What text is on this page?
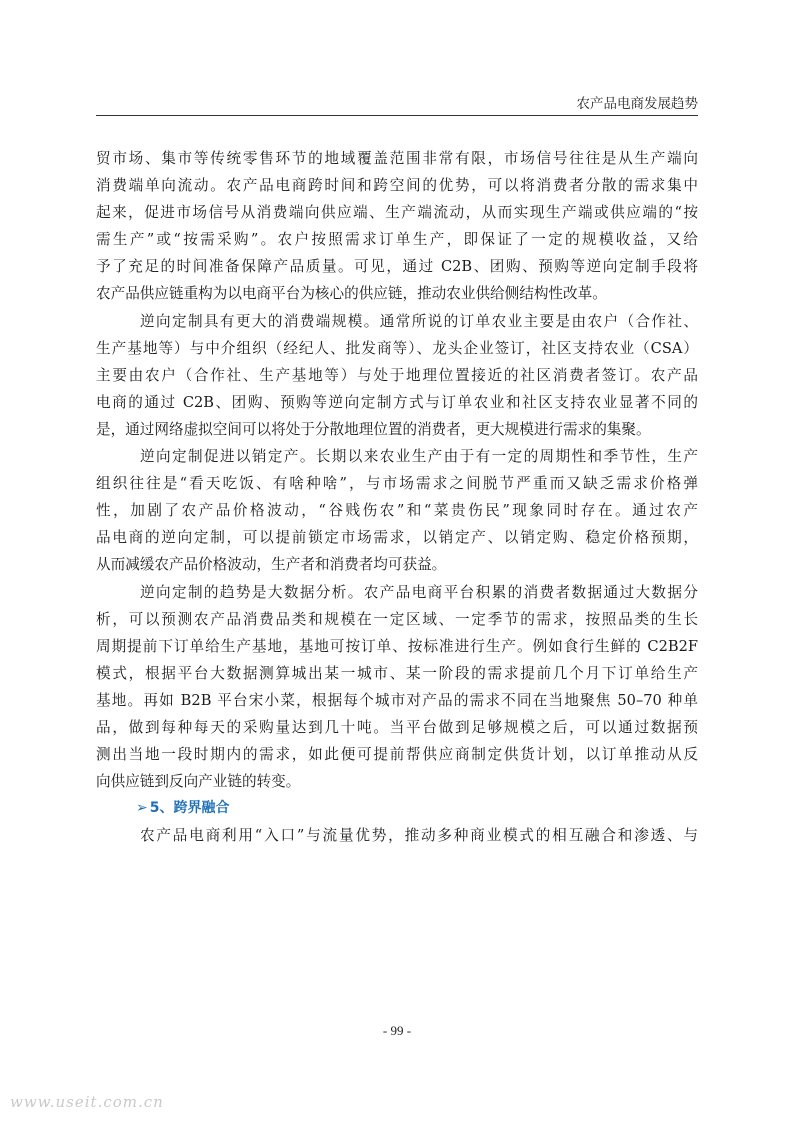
农产品电商发展趋势

贸市场、集市等传统零售环节的地域覆盖范围非常有限，市场信号往往是从生产端向
消费端单向流动。农产品电商跨时间和跨空间的优势，可以将消费者分散的需求集中
起来，促进市场信号从消费端向供应端、生产端流动，从而实现生产端或供应端的“按
需生产”或“按需采购”。农户按照需求订单生产，即保证了一定的规模收益，又给
予了充足的时间准备保障产品质量。可见，通过 C2B、团购、预购等逆向定制手段将
农产品供应链重构为以电商平台为核心的供应链，推动农业供给侧结构性改革。

逆向定制具有更大的消费端规模。通常所说的订单农业主要是由农户（合作社、
生产基地等）与中介组织（经纪人、批发商等）、龙头企业签订，社区支持农业（CSA）
主要由农户（合作社、生产基地等）与处于地理位置接近的社区消费者签订。农产品
电商的通过 C2B、团购、预购等逆向定制方式与订单农业和社区支持农业显著不同的
是，通过网络虚拟空间可以将处于分散地理位置的消费者，更大规模进行需求的集聚。

逆向定制促进以销定产。长期以来农业生产由于有一定的周期性和季节性，生产
组织往往是“看天吃饭、有啥种啥”，与市场需求之间脱节严重而又缺乏需求价格弹
性，加剧了农产品价格波动，“谷贱伤农”和“菜贵伤民”现象同时存在。通过农产
品电商的逆向定制，可以提前锁定市场需求，以销定产、以销定购、稳定价格预期，
从而减缓农产品价格波动，生产者和消费者均可获益。

逆向定制的趋势是大数据分析。农产品电商平台积累的消费者数据通过大数据分
析，可以预测农产品消费品类和规模在一定区域、一定季节的需求，按照品类的生长
周期提前下订单给生产基地，基地可按订单、按标准进行生产。例如食行生鲜的 C2B2F
模式，根据平台大数据测算城出某一城市、某一阶段的需求提前几个月下订单给生产
基地。再如 B2B 平台宋小菜，根据每个城市对产品的需求不同在当地聚焦 50–70 种单
品，做到每种每天的采购量达到几十吨。当平台做到足够规模之后，可以通过数据预
测出当地一段时期内的需求，如此便可提前帮供应商制定供货计划，以订单推动从反
向供应链到反向产业链的转变。

➢ 5、跨界融合

农产品电商利用“入口”与流量优势，推动多种商业模式的相互融合和渗透、与

- 99 -
www.useit.com.cn
